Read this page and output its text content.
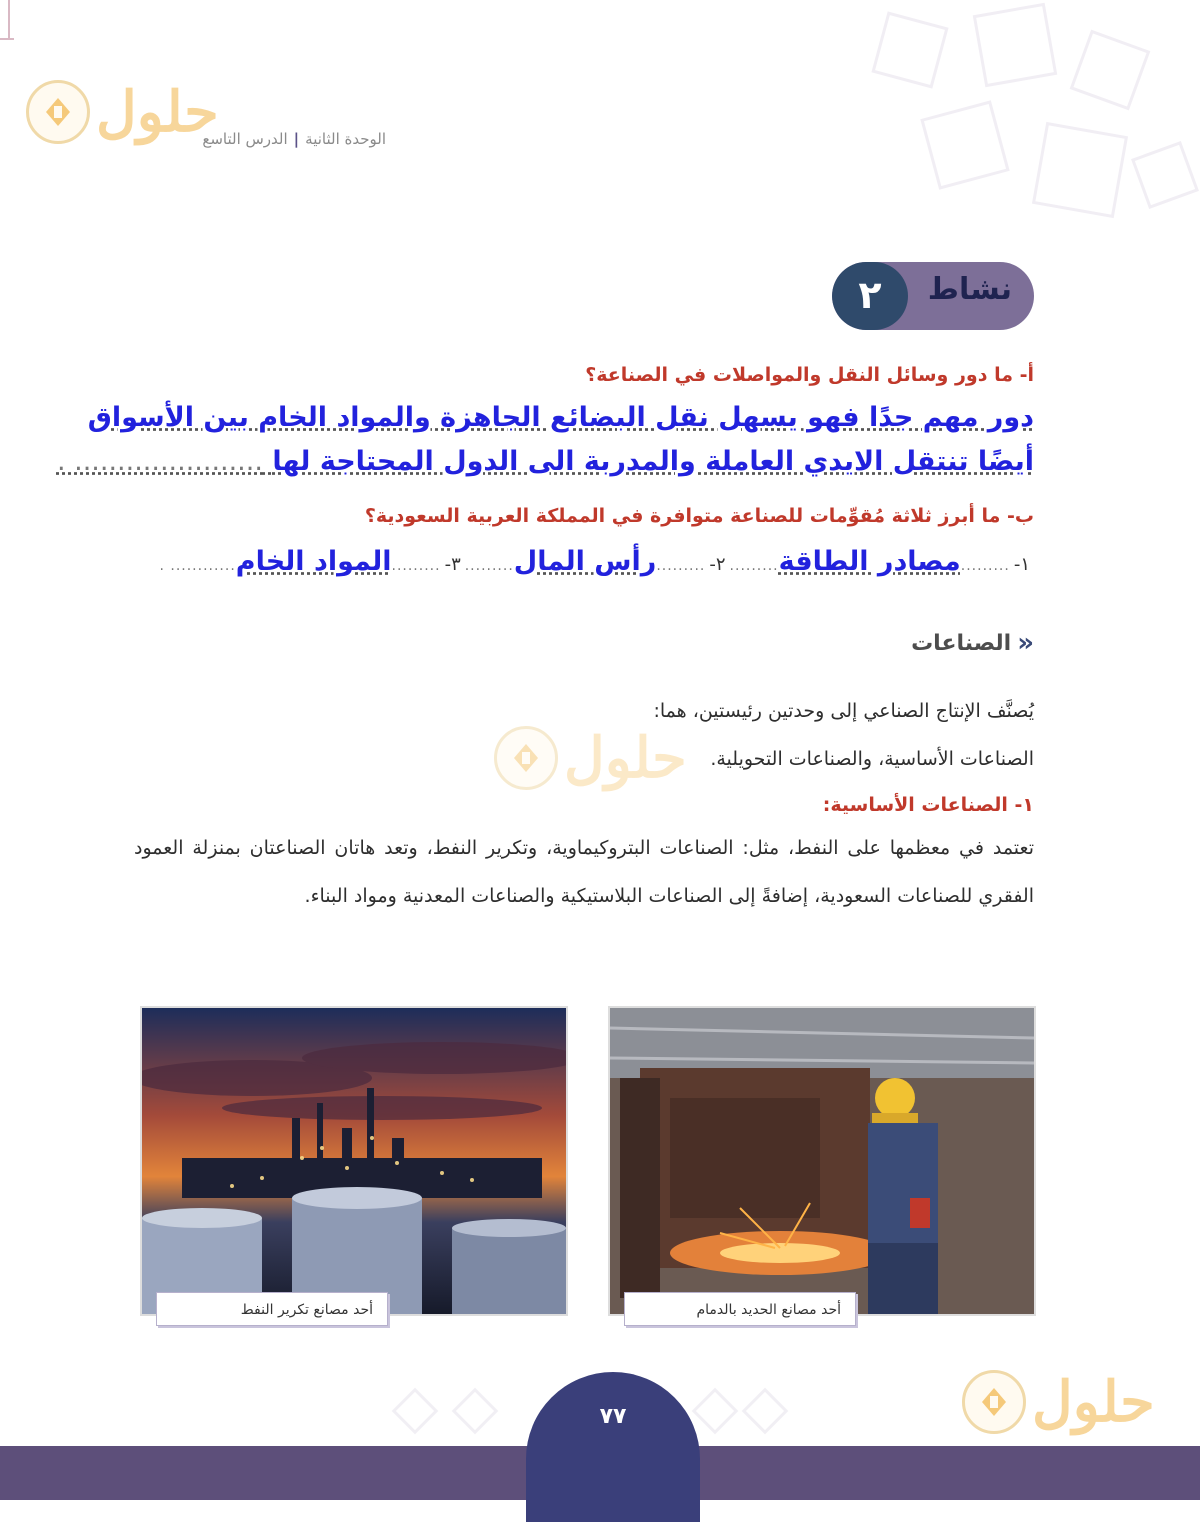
حلول	الوحدة الثانية|الدرس التاسع
نشاط
٢
أ- ما دور وسائل النقل والمواصلات في الصناعة؟
دور مهم جدًا فهو يسهل نقل البضائع الجاهزة والمواد الخام بين الأسواق
أيضًا تنتقل الايدي العاملة والمدربة الى الدول المحتاجة لها ...................... .
ب- ما أبرز ثلاثة مُقوِّمات للصناعة متوافرة في المملكة العربية السعودية؟
١-
.........
مصادر الطاقة
.........
٢-
.........
رأس المال
.........
٣-
.........
المواد الخام
............ .
«
الصناعات
يُصنَّف الإنتاج الصناعي إلى وحدتين رئيستين، هما:
الصناعات الأساسية، والصناعات التحويلية.
حلول
١- الصناعات الأساسية:
تعتمد في معظمها على النفط، مثل: الصناعات البتروكيماوية، وتكرير النفط، وتعد هاتان الصناعتان بمنزلة العمود الفقري للصناعات السعودية، إضافةً إلى الصناعات البلاستيكية والصناعات المعدنية ومواد البناء.
أحد مصانع تكرير النفط	أحد مصانع الحديد بالدمام
٧٧	حلول
